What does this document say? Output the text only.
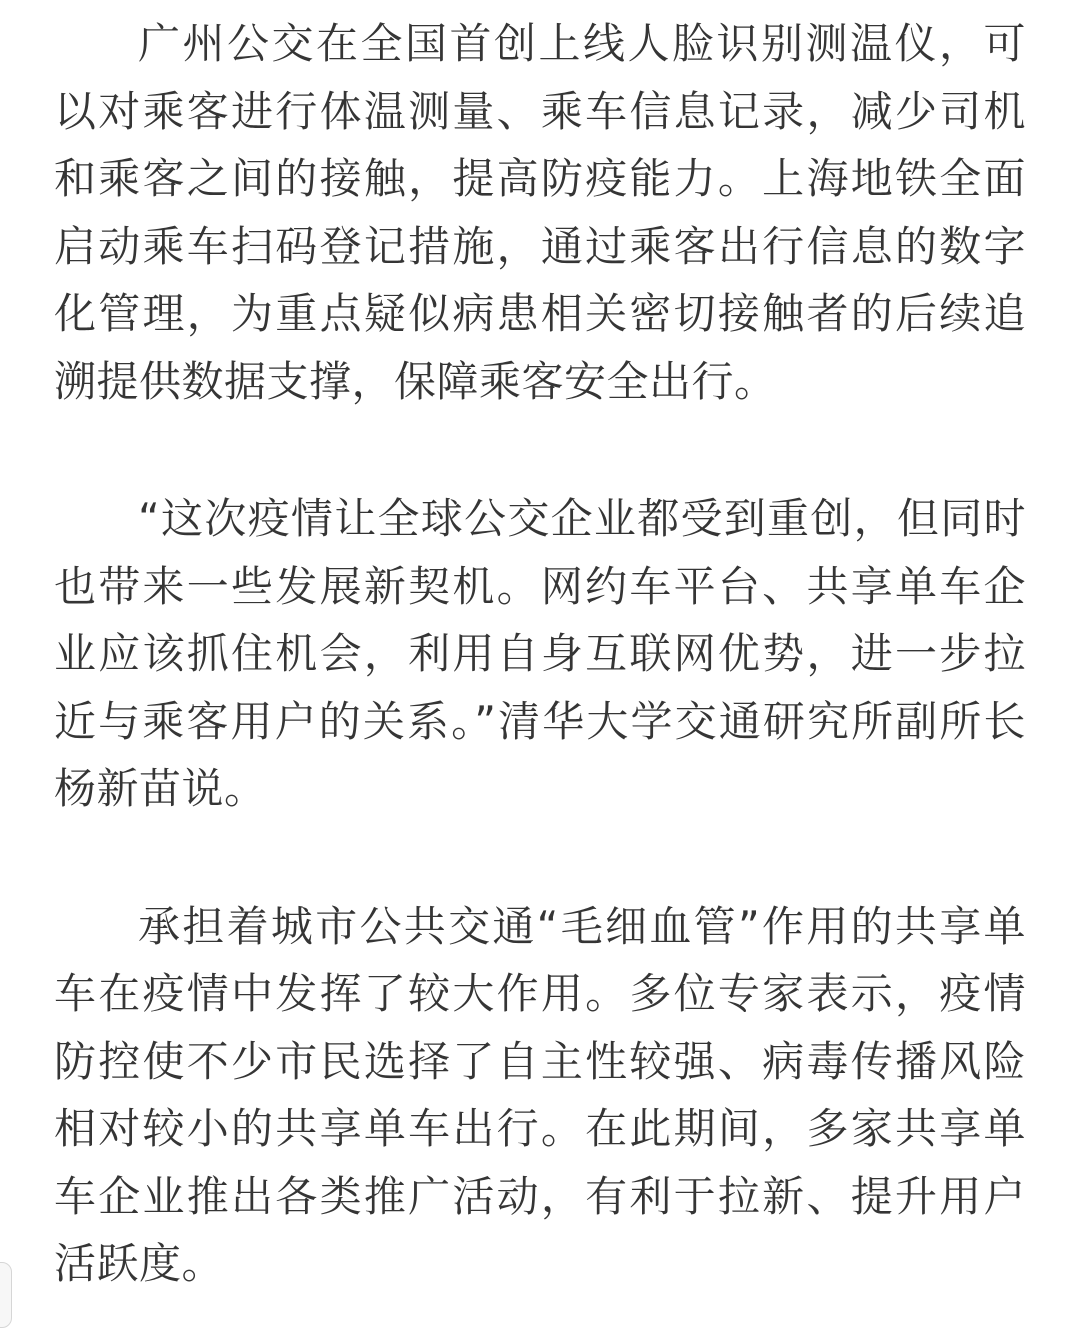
广州公交在全国首创上线人脸识别测温仪，可以对乘客进行体温测量、乘车信息记录，减少司机和乘客之间的接触，提高防疫能力。上海地铁全面启动乘车扫码登记措施，通过乘客出行信息的数字化管理，为重点疑似病患相关密切接触者的后续追溯提供数据支撑，保障乘客安全出行。

“这次疫情让全球公交企业都受到重创，但同时也带来一些发展新契机。网约车平台、共享单车企业应该抓住机会，利用自身互联网优势，进一步拉近与乘客用户的关系。”清华大学交通研究所副所长杨新苗说。

承担着城市公共交通“毛细血管”作用的共享单车在疫情中发挥了较大作用。多位专家表示，疫情防控使不少市民选择了自主性较强、病毒传播风险相对较小的共享单车出行。在此期间，多家共享单车企业推出各类推广活动，有利于拉新、提升用户活跃度。
